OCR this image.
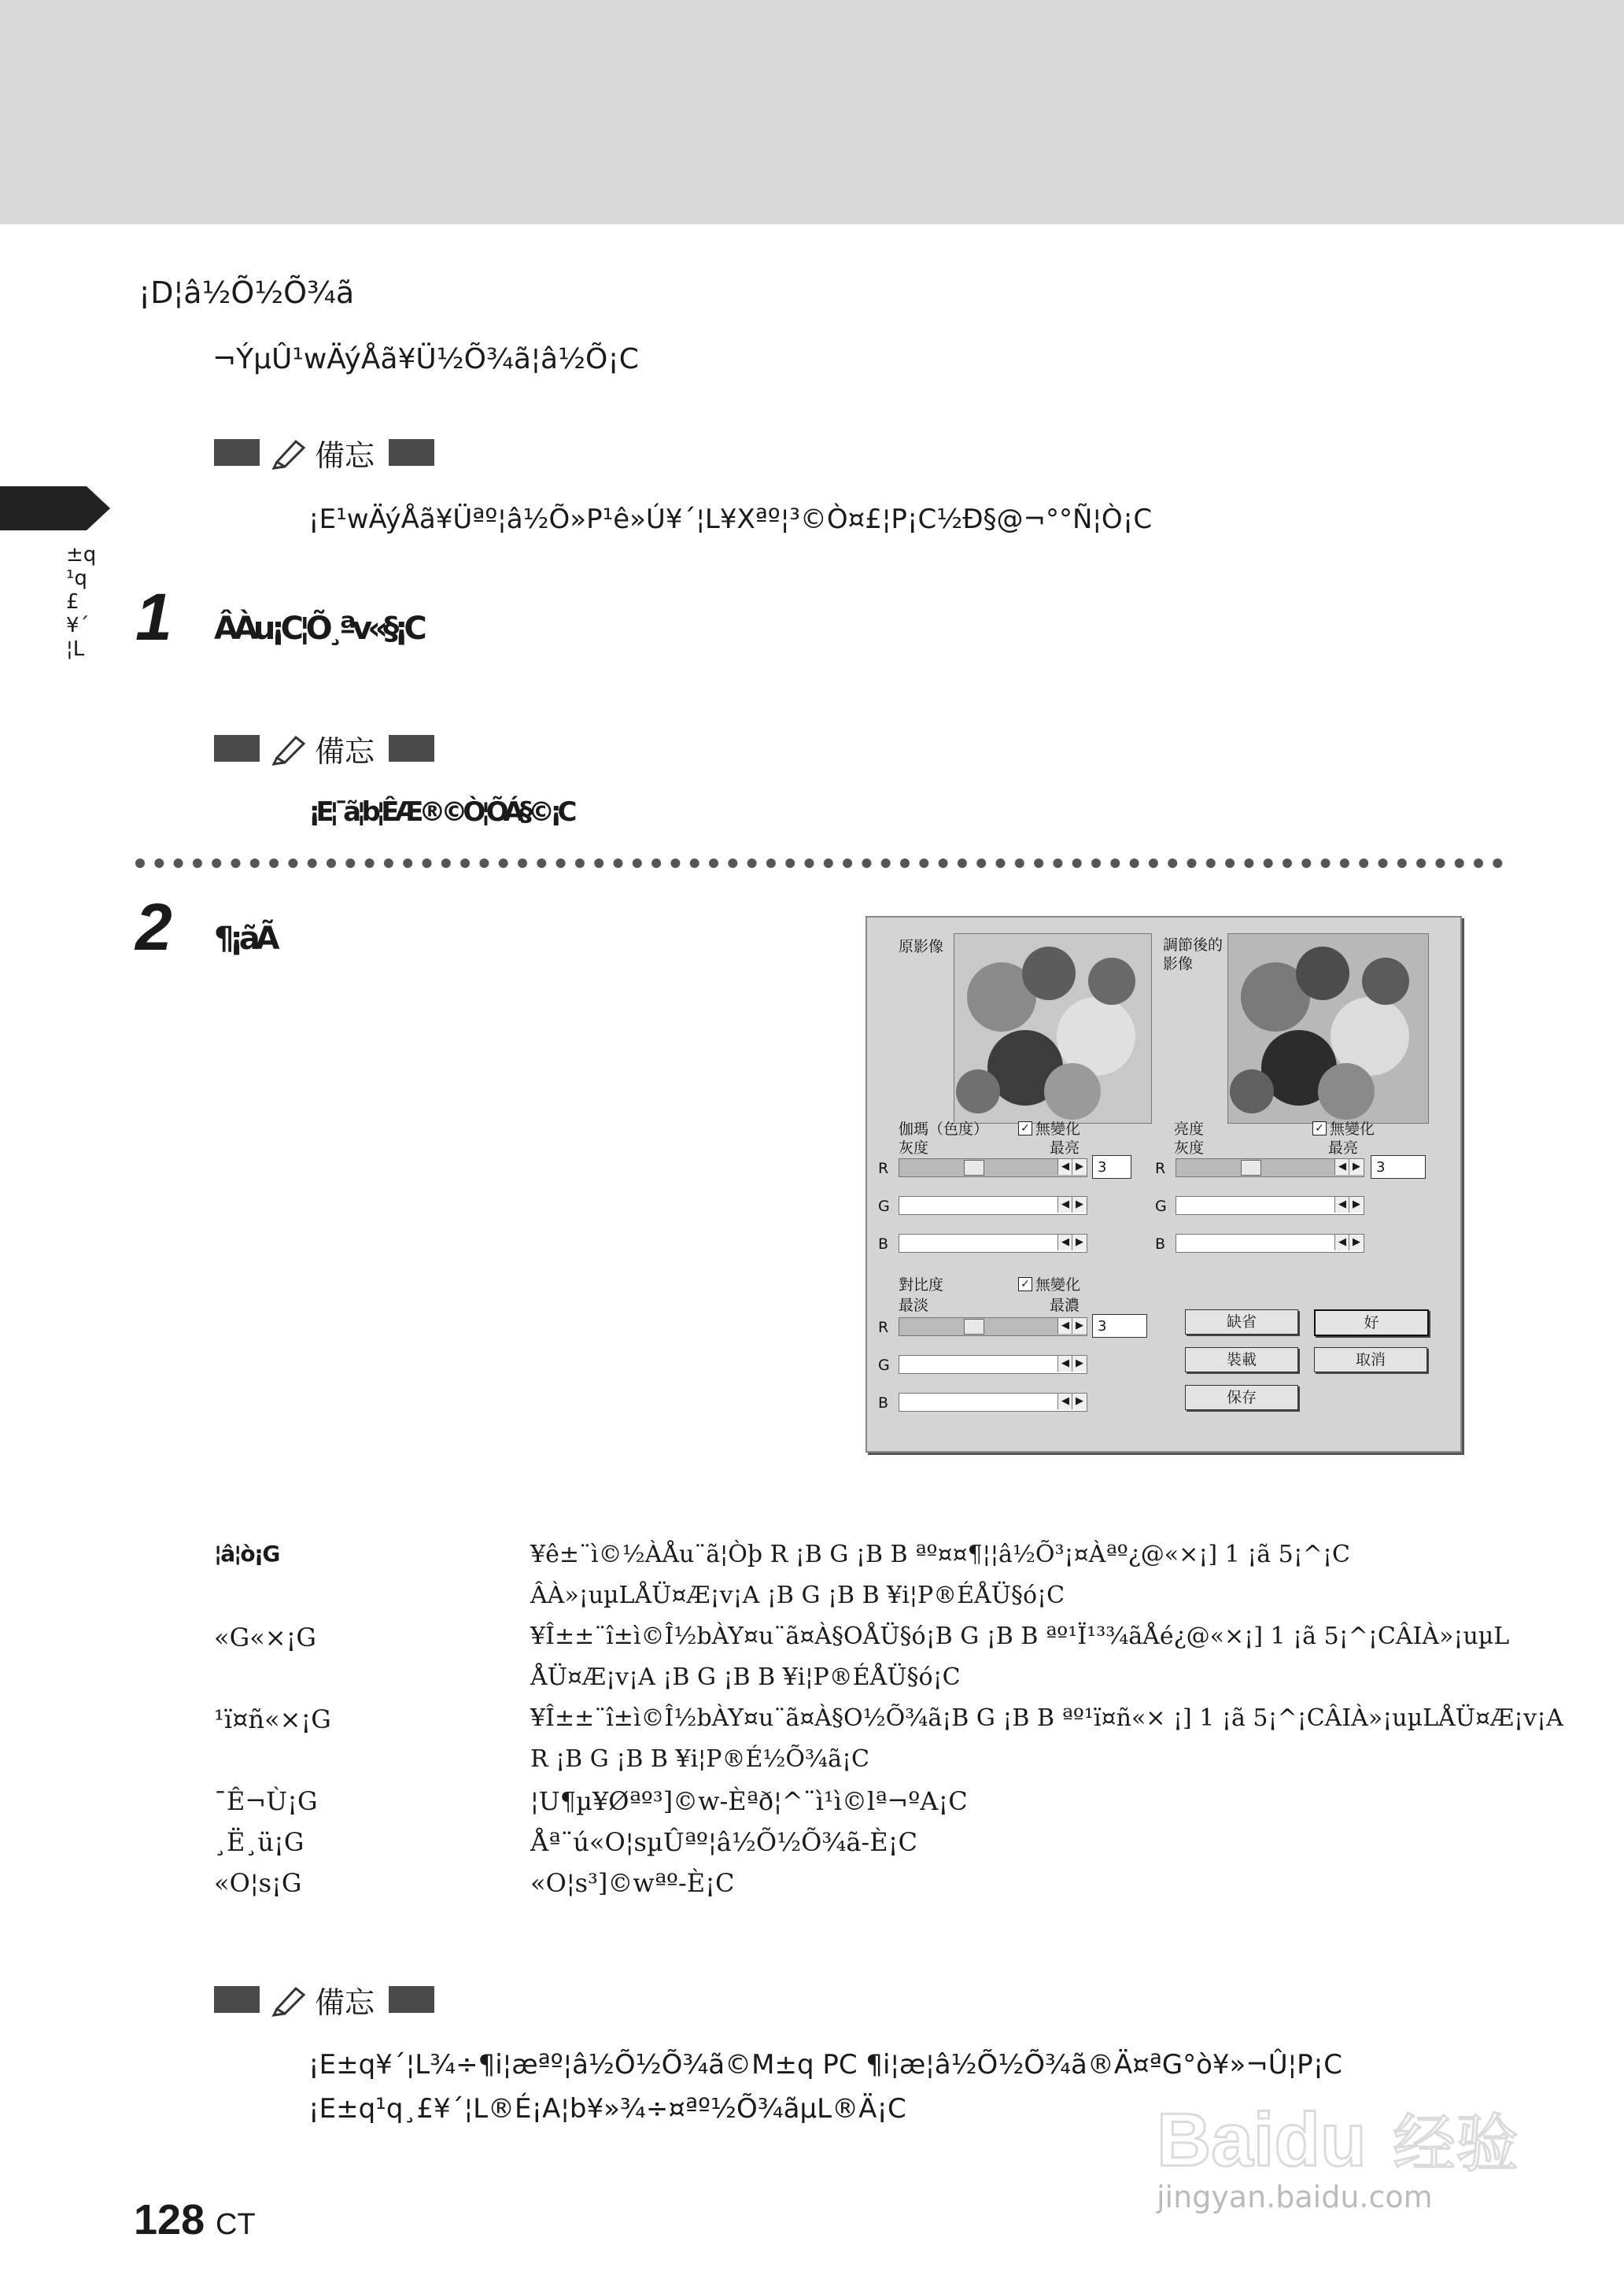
±q ¹q £ ¥´ ¦L
¡D¦â½Õ½Õ¾ã
¬ÝµÛ¹wÄýÅã¥Ü½Õ¾ã¦â½Õ¡C
備忘
¡E¹wÄýÅã¥Üªº¦â½Õ»P¹ê»Ú¥´¦L¥Xªº¦³©Ò¤£¦P¡C½Ð§@¬°°Ñ¦Ò¡C
1 ÂÀu¡C¦Õ¸ªv«§¡C
備忘
¡E¦¯ã¦b¦ÊÆ®©Ò¦ÕÁ§©¡C
2 ¶¡ãÃ	原影像	調節後的
影像
伽瑪（色度）	✓ 無變化
灰度	最亮
R	◀ ▶	3
G	◀ ▶
B	◀ ▶
亮度	✓ 無變化
灰度	最亮
R	◀ ▶	3
G	◀ ▶
B	◀ ▶
對比度	✓ 無變化
最淡	最濃
R	◀ ▶	3
G	◀ ▶
B	◀ ▶
缺省	好
裝載	取消
保存
¦â¦ò¡G	¥ê±¨ì©½ÀÅu¨ã¦Òþ R ¡B G ¡B B ªº¤¤¶¦¦â½Õ³¡¤Àªº¿@«×¡] 1 ¡ã 5¡^¡C
ÂÀ»¡uµLÅÜ¤Æ¡v¡A ¡B G ¡B B ¥i¦P®ÉÅÜ§ó¡C
«G«×¡G	¥Î±±¨î±ì©Î½bÀY¤u¨ã¤À§OÅÜ§ó¡B G ¡B B ªº¹Ï¹³¾ãÅé¿@«×¡] 1 ¡ã 5¡^¡CÂIÀ»¡uµL
ÅÜ¤Æ¡v¡A ¡B G ¡B B ¥i¦P®ÉÅÜ§ó¡C
¹ï¤ñ«×¡G	¥Î±±¨î±ì©Î½bÀY¤u¨ã¤À§O½Õ¾ã¡B G ¡B B ªº¹ï¤ñ«× ¡] 1 ¡ã 5¡^¡CÂIÀ»¡uµLÅÜ¤Æ¡v¡A
R ¡B G ¡B B ¥i¦P®É½Õ¾ã¡C
¯Ê¬Ù¡G	¦U¶µ¥Øªº³]©w-Èªð¦^¨ì¹ì©lª¬ºA¡C
¸Ë¸ü¡G	Åª¨ú«O¦sµÛªº¦â½Õ½Õ¾ã-È¡C
«O¦s¡G	«O¦s³]©wªº-È¡C
備忘
¡E±q¥´¦L¾÷¶i¦æªº¦â½Õ½Õ¾ã©M±q PC ¶i¦æ¦â½Õ½Õ¾ã®Ä¤ªG°ò¥»¬Û¦P¡C
¡E±q¹q¸£¥´¦L®É¡A¦b¥»¾÷¤ªº½Õ¾ãµL®Ä¡C
128 CT
Baidu 经验
jingyan.baidu.com
